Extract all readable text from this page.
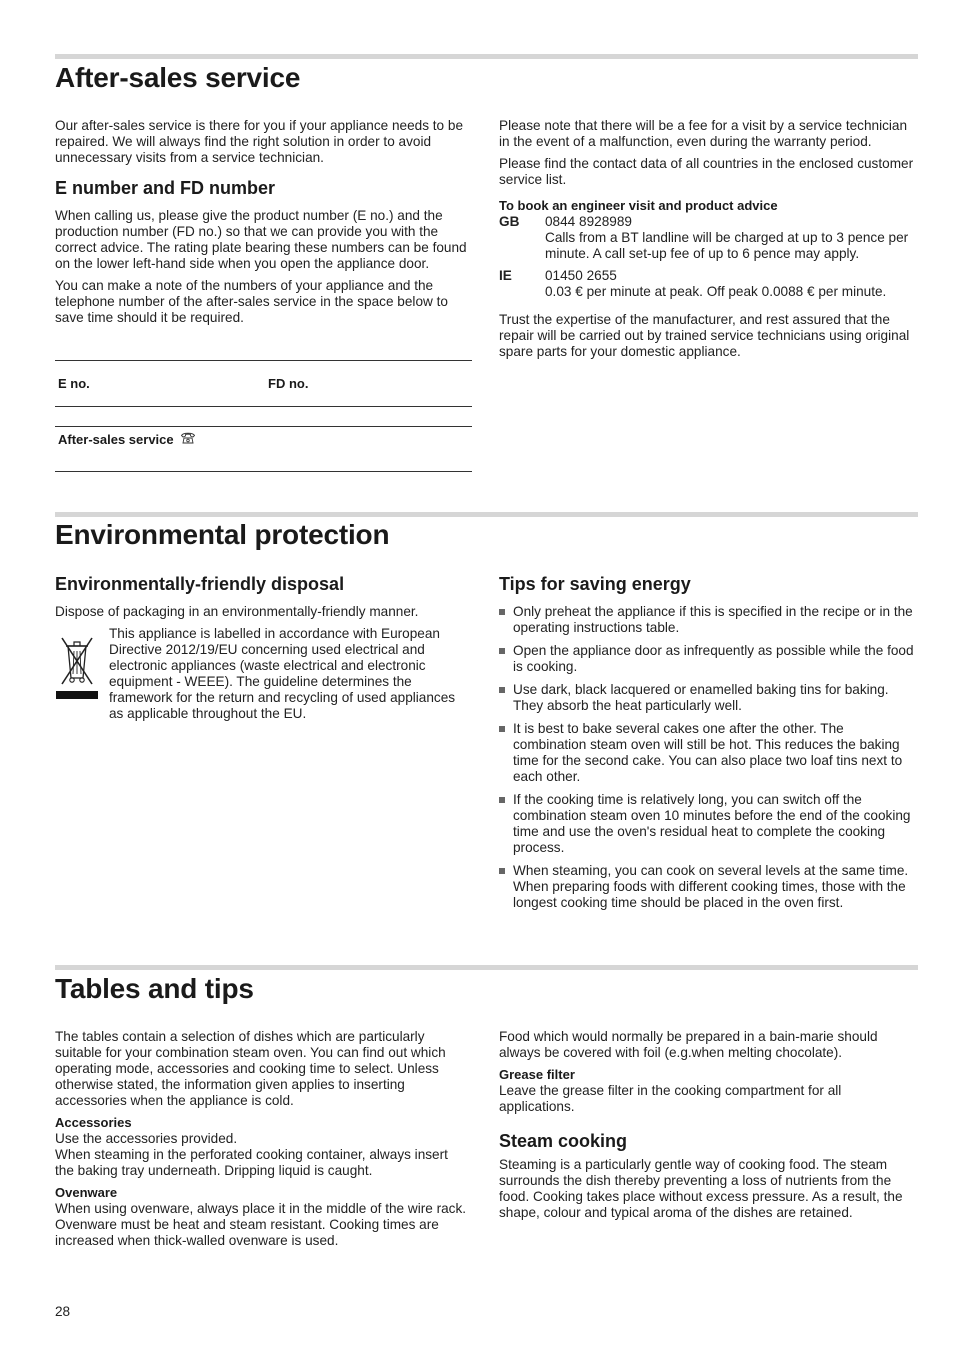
After-sales service

Our after-sales service is there for you if your appliance needs to be repaired. We will always find the right solution in order to avoid unnecessary visits from a service technician.

E number and FD number

When calling us, please give the product number (E no.) and the production number (FD no.) so that we can provide you with the correct advice. The rating plate bearing these numbers can be found on the lower left-hand side when you open the appliance door.

You can make a note of the numbers of your appliance and the telephone number of the after-sales service in the space below to save time should it be required.

E no.	FD no.
After-sales service

Please note that there will be a fee for a visit by a service technician in the event of a malfunction, even during the warranty period.

Please find the contact data of all countries in the enclosed customer service list.

To book an engineer visit and product advice
GB	0844 8928989
Calls from a BT landline will be charged at up to 3 pence per minute. A call set-up fee of up to 6 pence may apply.
IE	01450 2655
0.03 € per minute at peak. Off peak 0.0088 € per minute.

Trust the expertise of the manufacturer, and rest assured that the repair will be carried out by trained service technicians using original spare parts for your domestic appliance.

Environmental protection
Environmentally-friendly disposal

Dispose of packaging in an environmentally-friendly manner.

This appliance is labelled in accordance with European Directive 2012/19/EU concerning used electrical and electronic appliances (waste electrical and electronic equipment - WEEE). The guideline determines the framework for the return and recycling of used appliances as applicable throughout the EU.

Tips for saving energy
Only preheat the appliance if this is specified in the recipe or in the operating instructions table.
Open the appliance door as infrequently as possible while the food is cooking.
Use dark, black lacquered or enamelled baking tins for baking. They absorb the heat particularly well.
It is best to bake several cakes one after the other. The combination steam oven will still be hot. This reduces the baking time for the second cake. You can also place two loaf tins next to each other.
If the cooking time is relatively long, you can switch off the combination steam oven 10 minutes before the end of the cooking time and use the oven's residual heat to complete the cooking process.
When steaming, you can cook on several levels at the same time. When preparing foods with different cooking times, those with the longest cooking time should be placed in the oven first.
Tables and tips

The tables contain a selection of dishes which are particularly suitable for your combination steam oven. You can find out which operating mode, accessories and cooking time to select. Unless otherwise stated, the information given applies to inserting accessories when the appliance is cold.

Accessories

Use the accessories provided.

When steaming in the perforated cooking container, always insert the baking tray underneath. Dripping liquid is caught.

Ovenware

When using ovenware, always place it in the middle of the wire rack.

Ovenware must be heat and steam resistant. Cooking times are increased when thick-walled ovenware is used.

Food which would normally be prepared in a bain-marie should always be covered with foil (e.g.when melting chocolate).

Grease filter

Leave the grease filter in the cooking compartment for all applications.

Steam cooking

Steaming is a particularly gentle way of cooking food. The steam surrounds the dish thereby preventing a loss of nutrients from the food. Cooking takes place without excess pressure. As a result, the shape, colour and typical aroma of the dishes are retained.

28
